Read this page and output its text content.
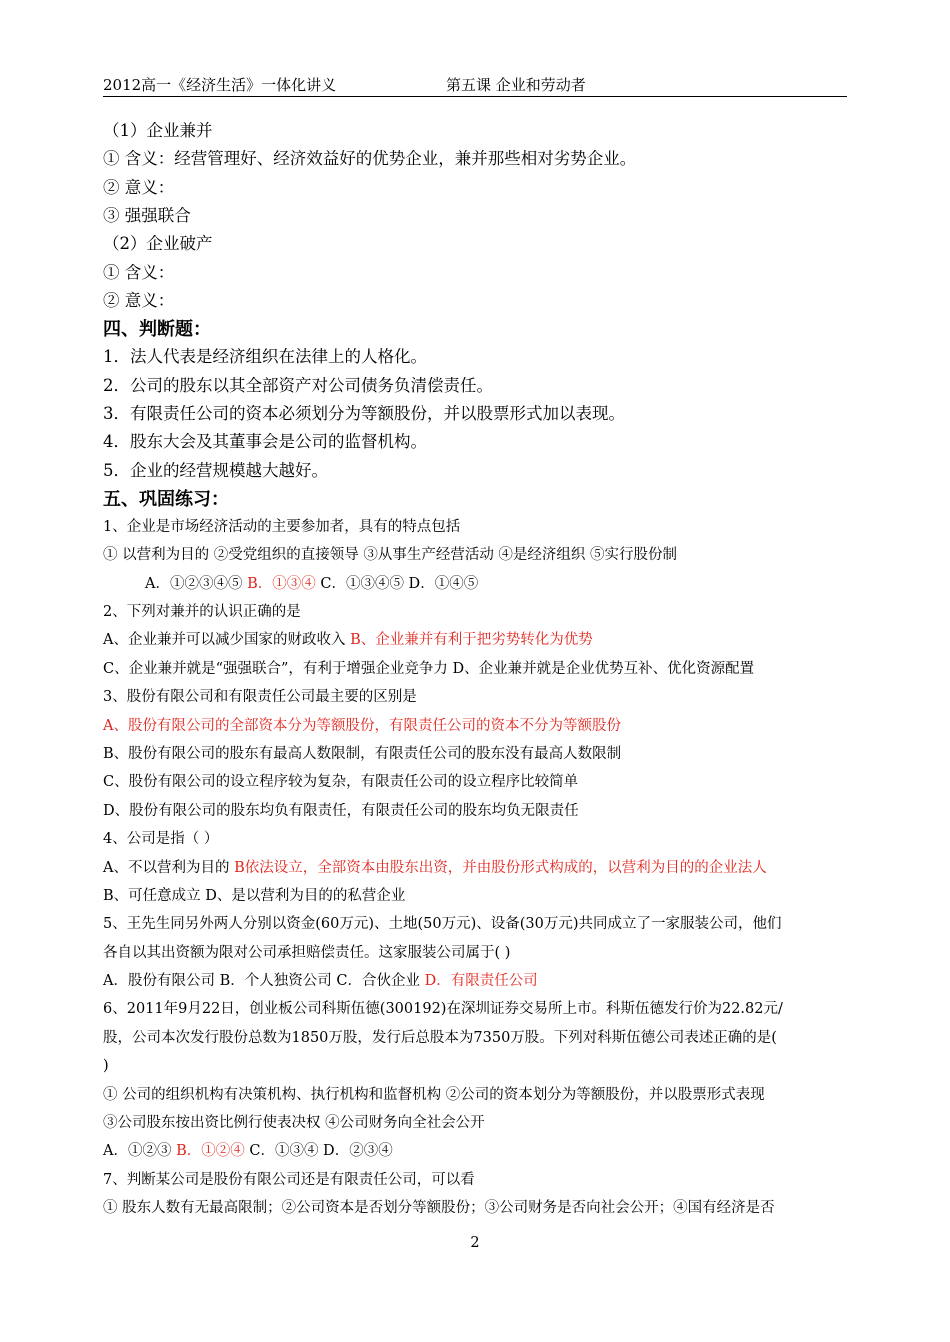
2012高一《经济生活》一体化讲义	第五课 企业和劳动者
（1）企业兼并
① 含义：经营管理好、经济效益好的优势企业，兼并那些相对劣势企业。
② 意义：
③ 强强联合
（2）企业破产
① 含义：
② 意义：
四、判断题：
1．法人代表是经济组织在法律上的人格化。
2．公司的股东以其全部资产对公司债务负清偿责任。
3．有限责任公司的资本必须划分为等额股份，并以股票形式加以表现。
4．股东大会及其董事会是公司的监督机构。
5．企业的经营规模越大越好。
五、巩固练习：
1、企业是市场经济活动的主要参加者，具有的特点包括
① 以营利为目的 ②受党组织的直接领导 ③从事生产经营活动 ④是经济组织 ⑤实行股份制
A．①②③④⑤ B．①③④ C．①③④⑤ D．①④⑤
2、下列对兼并的认识正确的是
A、企业兼并可以减少国家的财政收入 B、企业兼并有利于把劣势转化为优势
C、企业兼并就是“强强联合”，有利于增强企业竞争力 D、企业兼并就是企业优势互补、优化资源配置
3、股份有限公司和有限责任公司最主要的区别是
A、股份有限公司的全部资本分为等额股份，有限责任公司的资本不分为等额股份
B、股份有限公司的股东有最高人数限制，有限责任公司的股东没有最高人数限制
C、股份有限公司的设立程序较为复杂，有限责任公司的设立程序比较简单
D、股份有限公司的股东均负有限责任，有限责任公司的股东均负无限责任
4、公司是指（ ）
A、不以营利为目的 B依法设立，全部资本由股东出资，并由股份形式构成的，以营利为目的的企业法人
B、可任意成立 D、是以营利为目的的私营企业
5、王先生同另外两人分别以资金(60万元)、土地(50万元)、设备(30万元)共同成立了一家服装公司，他们
各自以其出资额为限对公司承担赔偿责任。这家服装公司属于( )
A．股份有限公司 B．个人独资公司 C．合伙企业 D．有限责任公司
6、2011年9月22日，创业板公司科斯伍德(300192)在深圳证券交易所上市。科斯伍德发行价为22.82元/
股，公司本次发行股份总数为1850万股，发行后总股本为7350万股。下列对科斯伍德公司表述正确的是(
)
① 公司的组织机构有决策机构、执行机构和监督机构 ②公司的资本划分为等额股份，并以股票形式表现
③公司股东按出资比例行使表决权 ④公司财务向全社会公开
A．①②③ B．①②④ C．①③④ D．②③④
7、判断某公司是股份有限公司还是有限责任公司，可以看
① 股东人数有无最高限制；②公司资本是否划分等额股份；③公司财务是否向社会公开；④国有经济是否
2
